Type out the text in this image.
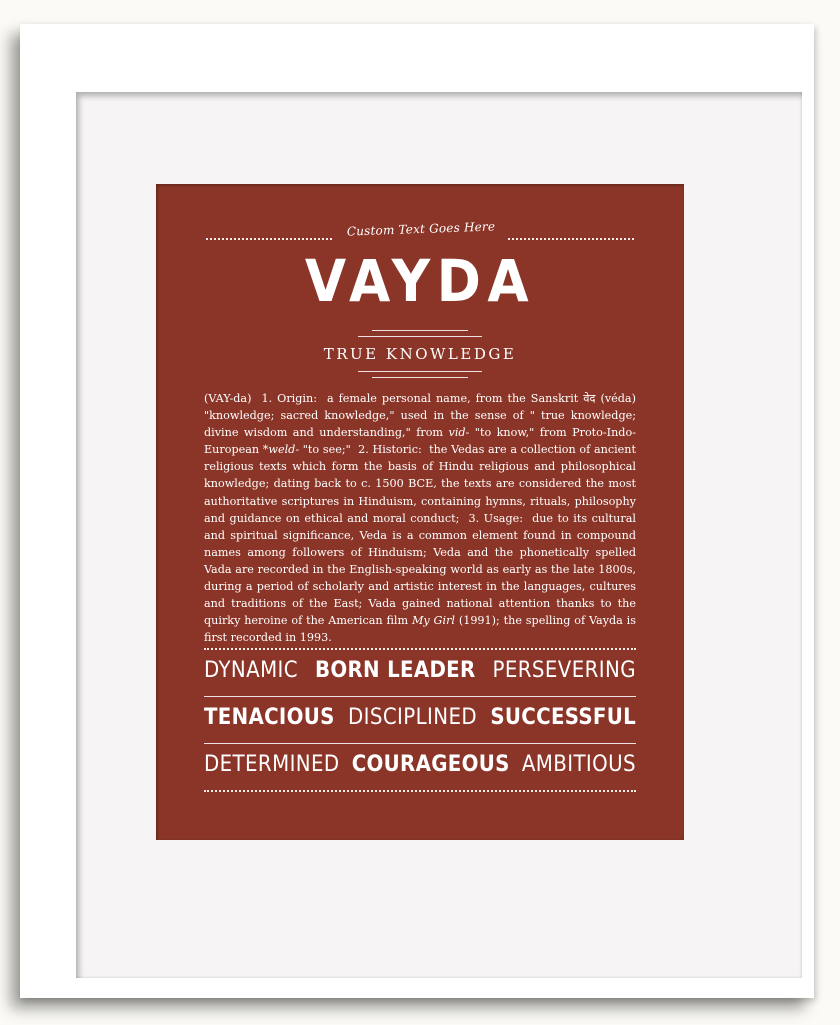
Custom Text Goes Here
VAYDA
TRUE KNOWLEDGE
(VAY-da) 1. Origin: a female personal name, from the Sanskrit वेद (véda) "knowledge; sacred knowledge," used in the sense of " true knowledge; divine wisdom and understanding," from vid- "to know," from Proto-Indo-European *weld- "to see;" 2. Historic: the Vedas are a collection of ancient religious texts which form the basis of Hindu religious and philosophical knowledge; dating back to c. 1500 BCE, the texts are considered the most authoritative scriptures in Hinduism, containing hymns, rituals, philosophy and guidance on ethical and moral conduct; 3. Usage: due to its cultural and spiritual significance, Veda is a common element found in compound names among followers of Hinduism; Veda and the phonetically spelled Vada are recorded in the English-speaking world as early as the late 1800s, during a period of scholarly and artistic interest in the languages, cultures and traditions of the East; Vada gained national attention thanks to the quirky heroine of the American film My Girl (1991); the spelling of Vayda is first recorded in 1993.
DYNAMIC BORN LEADER PERSEVERING
TENACIOUS DISCIPLINED SUCCESSFUL
DETERMINED COURAGEOUS AMBITIOUS
